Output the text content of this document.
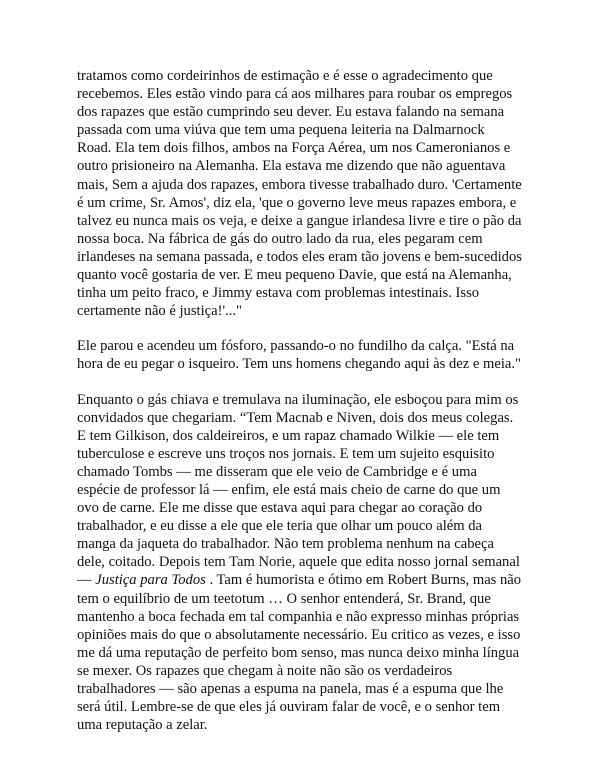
tratamos como cordeirinhos de estimação e é esse o agradecimento que
recebemos. Eles estão vindo para cá aos milhares para roubar os empregos
dos rapazes que estão cumprindo seu dever. Eu estava falando na semana
passada com uma viúva que tem uma pequena leiteria na Dalmarnock
Road. Ela tem dois filhos, ambos na Força Aérea, um nos Cameronianos e
outro prisioneiro na Alemanha. Ela estava me dizendo que não aguentava
mais, Sem a ajuda dos rapazes, embora tivesse trabalhado duro. 'Certamente
é um crime, Sr. Amos', diz ela, 'que o governo leve meus rapazes embora, e
talvez eu nunca mais os veja, e deixe a gangue irlandesa livre e tire o pão da
nossa boca. Na fábrica de gás do outro lado da rua, eles pegaram cem
irlandeses na semana passada, e todos eles eram tão jovens e bem-sucedidos
quanto você gostaria de ver. E meu pequeno Davie, que está na Alemanha,
tinha um peito fraco, e Jimmy estava com problemas intestinais. Isso
certamente não é justiça!'..."

Ele parou e acendeu um fósforo, passando-o no fundilho da calça. "Está na
hora de eu pegar o isqueiro. Tem uns homens chegando aqui às dez e meia."

Enquanto o gás chiava e tremulava na iluminação, ele esboçou para mim os
convidados que chegariam. “Tem Macnab e Niven, dois dos meus colegas.
E tem Gilkison, dos caldeireiros, e um rapaz chamado Wilkie — ele tem
tuberculose e escreve uns troços nos jornais. E tem um sujeito esquisito
chamado Tombs — me disseram que ele veio de Cambridge e é uma
espécie de professor lá — enfim, ele está mais cheio de carne do que um
ovo de carne. Ele me disse que estava aqui para chegar ao coração do
trabalhador, e eu disse a ele que ele teria que olhar um pouco além da
manga da jaqueta do trabalhador. Não tem problema nenhum na cabeça
dele, coitado. Depois tem Tam Norie, aquele que edita nosso jornal semanal
— Justiça para Todos . Tam é humorista e ótimo em Robert Burns, mas não
tem o equilíbrio de um teetotum … O senhor entenderá, Sr. Brand, que
mantenho a boca fechada em tal companhia e não expresso minhas próprias
opiniões mais do que o absolutamente necessário. Eu critico as vezes, e isso
me dá uma reputação de perfeito bom senso, mas nunca deixo minha língua
se mexer. Os rapazes que chegam à noite não são os verdadeiros
trabalhadores — são apenas a espuma na panela, mas é a espuma que lhe
será útil. Lembre-se de que eles já ouviram falar de você, e o senhor tem
uma reputação a zelar.
